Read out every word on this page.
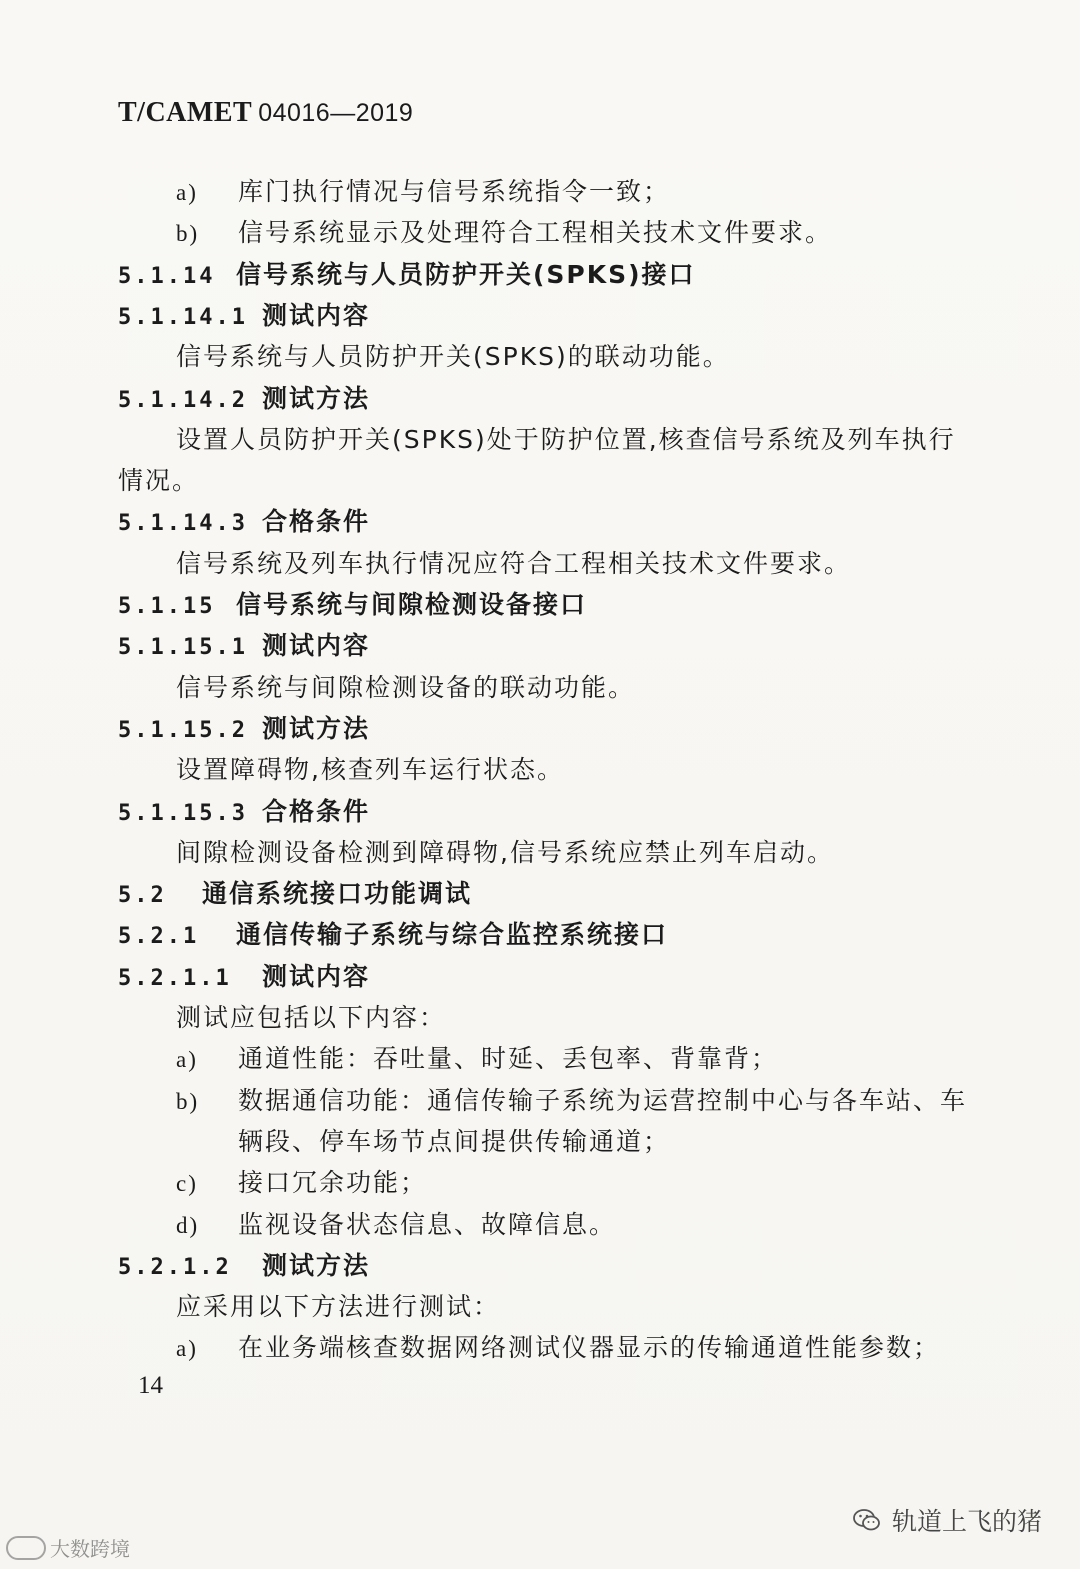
T/CAMET 04016—2019
a) 库门执行情况与信号系统指令一致；
b) 信号系统显示及处理符合工程相关技术文件要求。
5.1.14 信号系统与人员防护开关(SPKS)接口
5.1.14.1 测试内容
信号系统与人员防护开关(SPKS)的联动功能。
5.1.14.2 测试方法
设置人员防护开关(SPKS)处于防护位置,核查信号系统及列车执行
情况。
5.1.14.3 合格条件
信号系统及列车执行情况应符合工程相关技术文件要求。
5.1.15 信号系统与间隙检测设备接口
5.1.15.1 测试内容
信号系统与间隙检测设备的联动功能。
5.1.15.2 测试方法
设置障碍物,核查列车运行状态。
5.1.15.3 合格条件
间隙检测设备检测到障碍物,信号系统应禁止列车启动。
5.2 通信系统接口功能调试
5.2.1 通信传输子系统与综合监控系统接口
5.2.1.1 测试内容
测试应包括以下内容：
a) 通道性能：吞吐量、时延、丢包率、背靠背；
b) 数据通信功能：通信传输子系统为运营控制中心与各车站、车
辆段、停车场节点间提供传输通道；
c) 接口冗余功能；
d) 监视设备状态信息、故障信息。
5.2.1.2 测试方法
应采用以下方法进行测试：
a) 在业务端核查数据网络测试仪器显示的传输通道性能参数；
14
大数跨境
轨道上飞的猪
